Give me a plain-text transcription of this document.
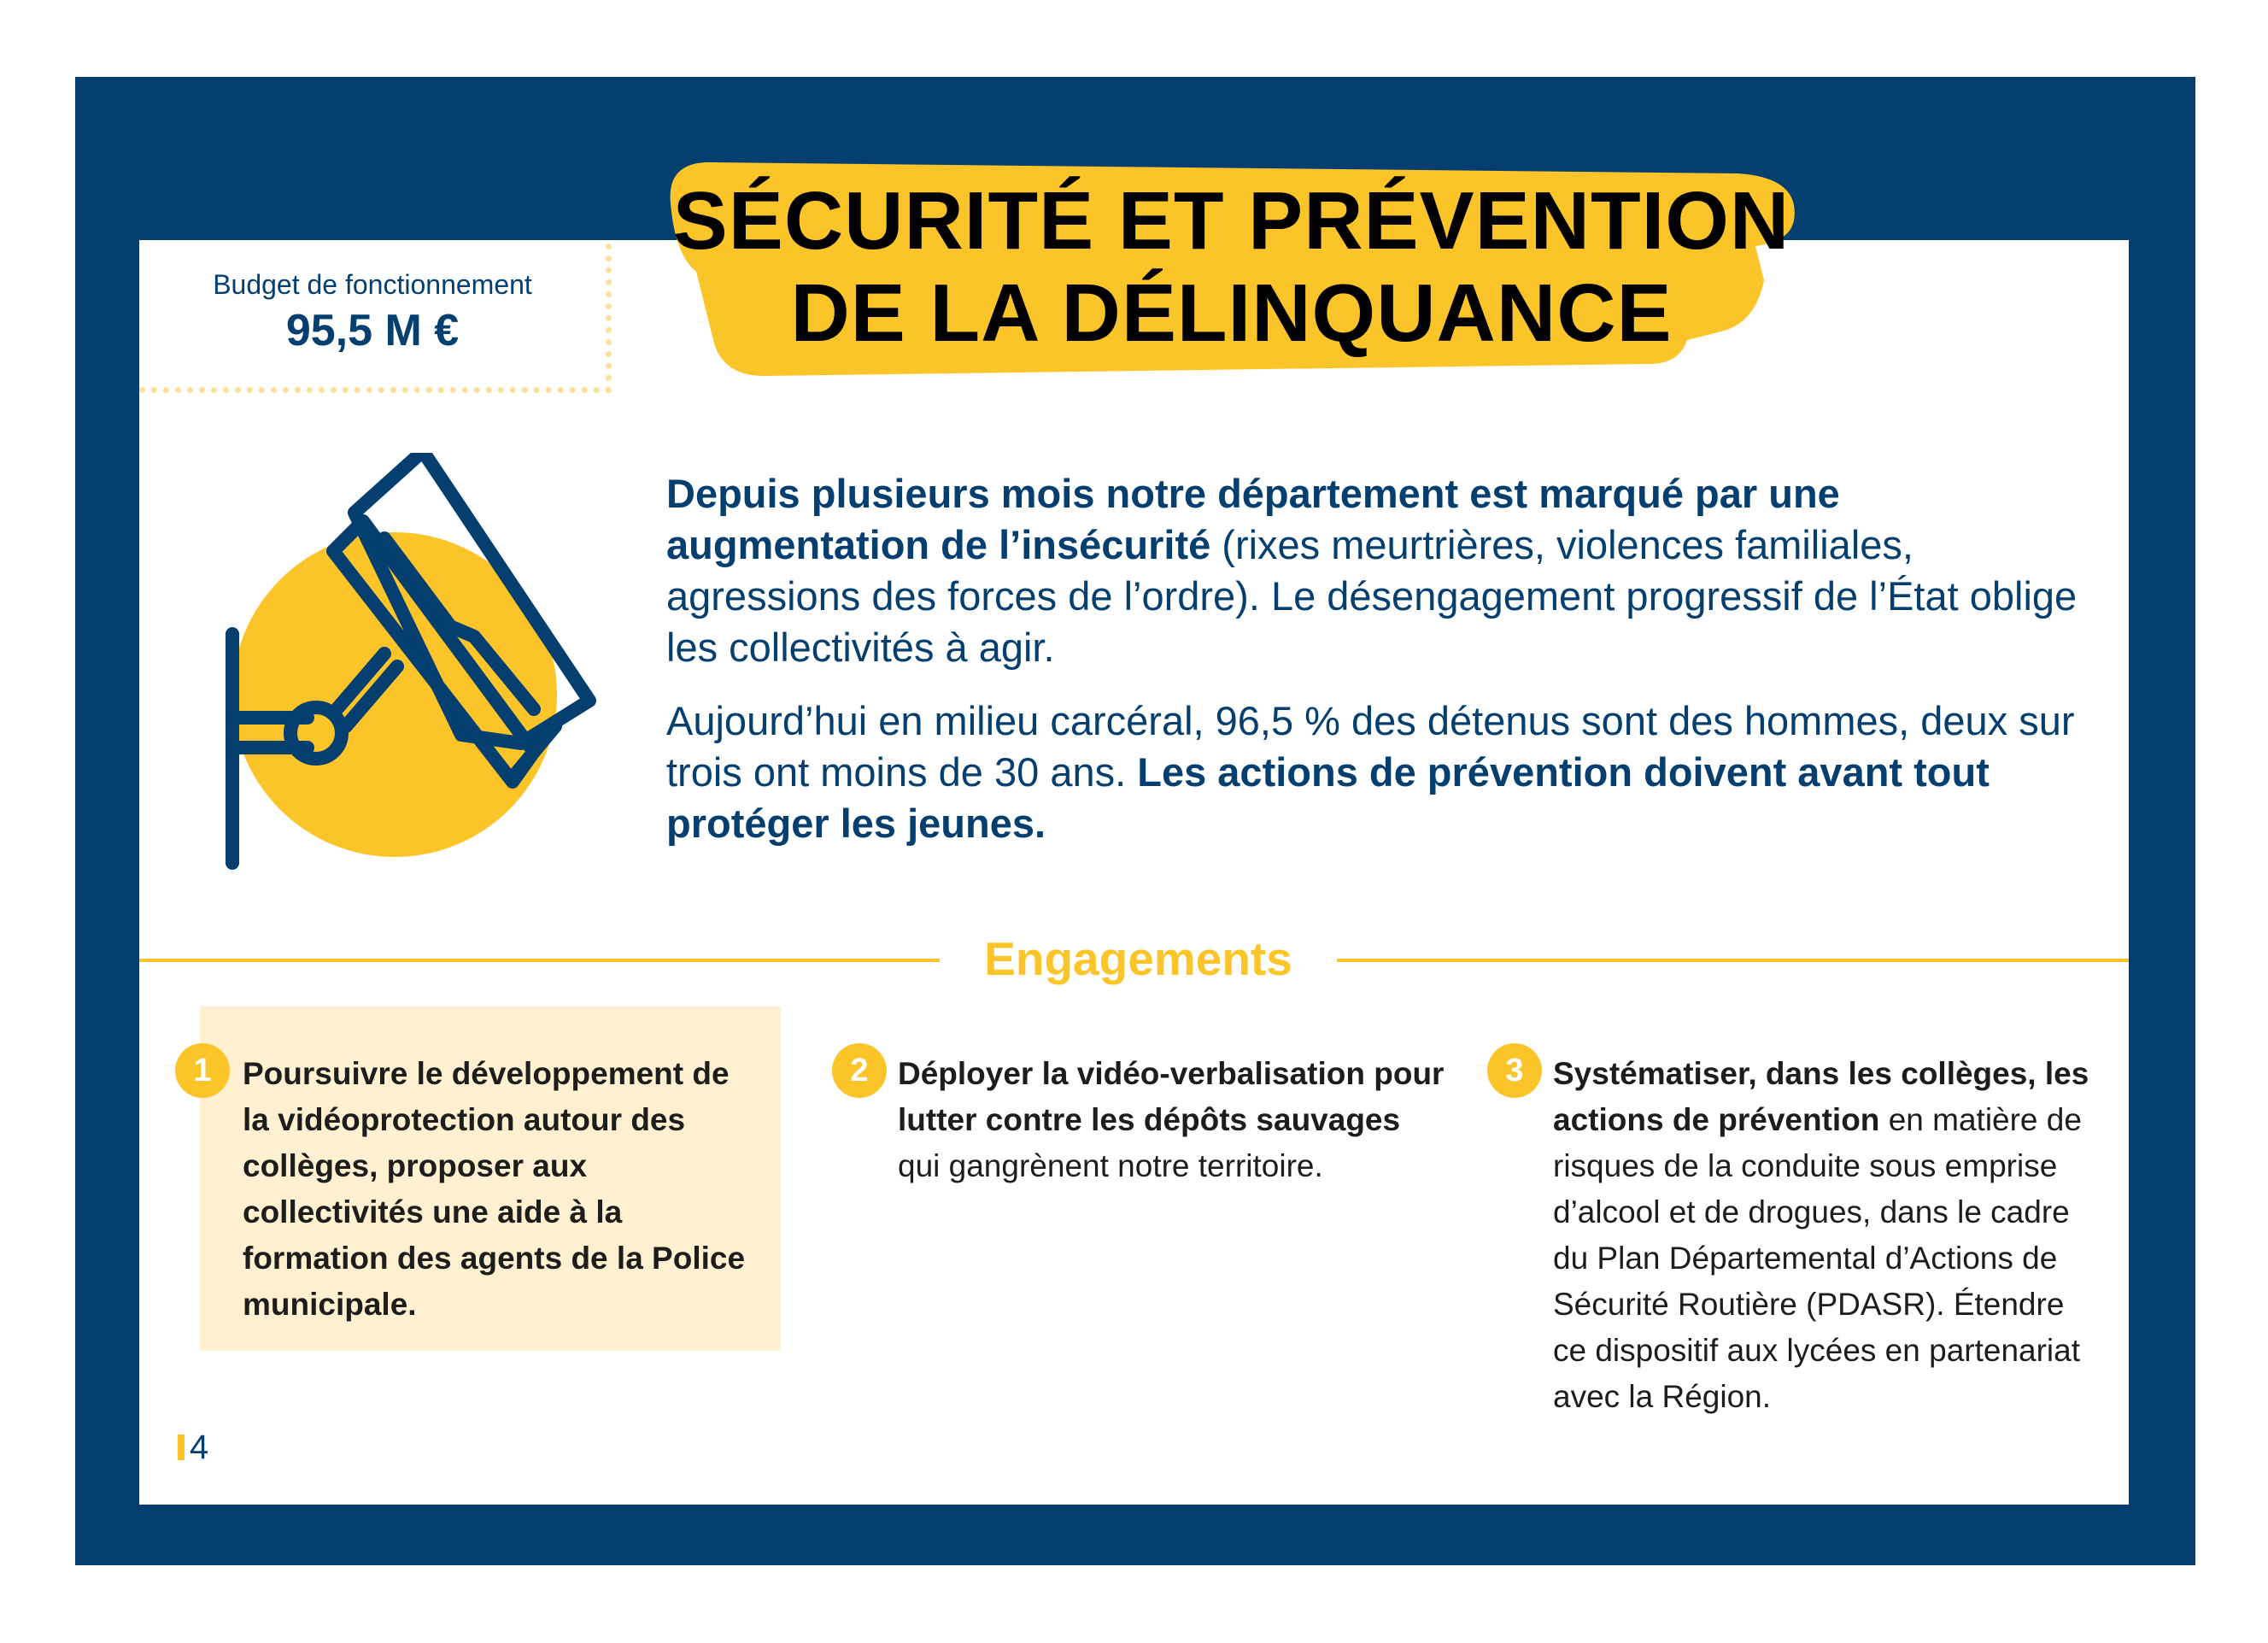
SÉCURITÉ ET PRÉVENTION
DE LA DÉLINQUANCE
Budget de fonctionnement
95,5 M €

Depuis plusieurs mois notre département est marqué par une augmentation de l’insécurité (rixes meurtrières, violences familiales, agressions des forces de l’ordre). Le désengagement progressif de l’État oblige les collectivités à agir.

Aujourd’hui en milieu carcéral, 96,5 % des détenus sont des hommes, deux sur trois ont moins de 30 ans. Les actions de prévention doivent avant tout protéger les jeunes.

Engagements
1 Poursuivre le développement de la vidéoprotection autour des collèges, proposer aux collectivités une aide à la formation des agents de la Police municipale.
2 Déployer la vidéo-verbalisation pour lutter contre les dépôts sauvages qui gangrènent notre territoire.
3 Systématiser, dans les collèges, les actions de prévention en matière de risques de la conduite sous emprise d’alcool et de drogues, dans le cadre du Plan Départemental d’Actions de Sécurité Routière (PDASR). Étendre ce dispositif aux lycées en partenariat avec la Région.
4
